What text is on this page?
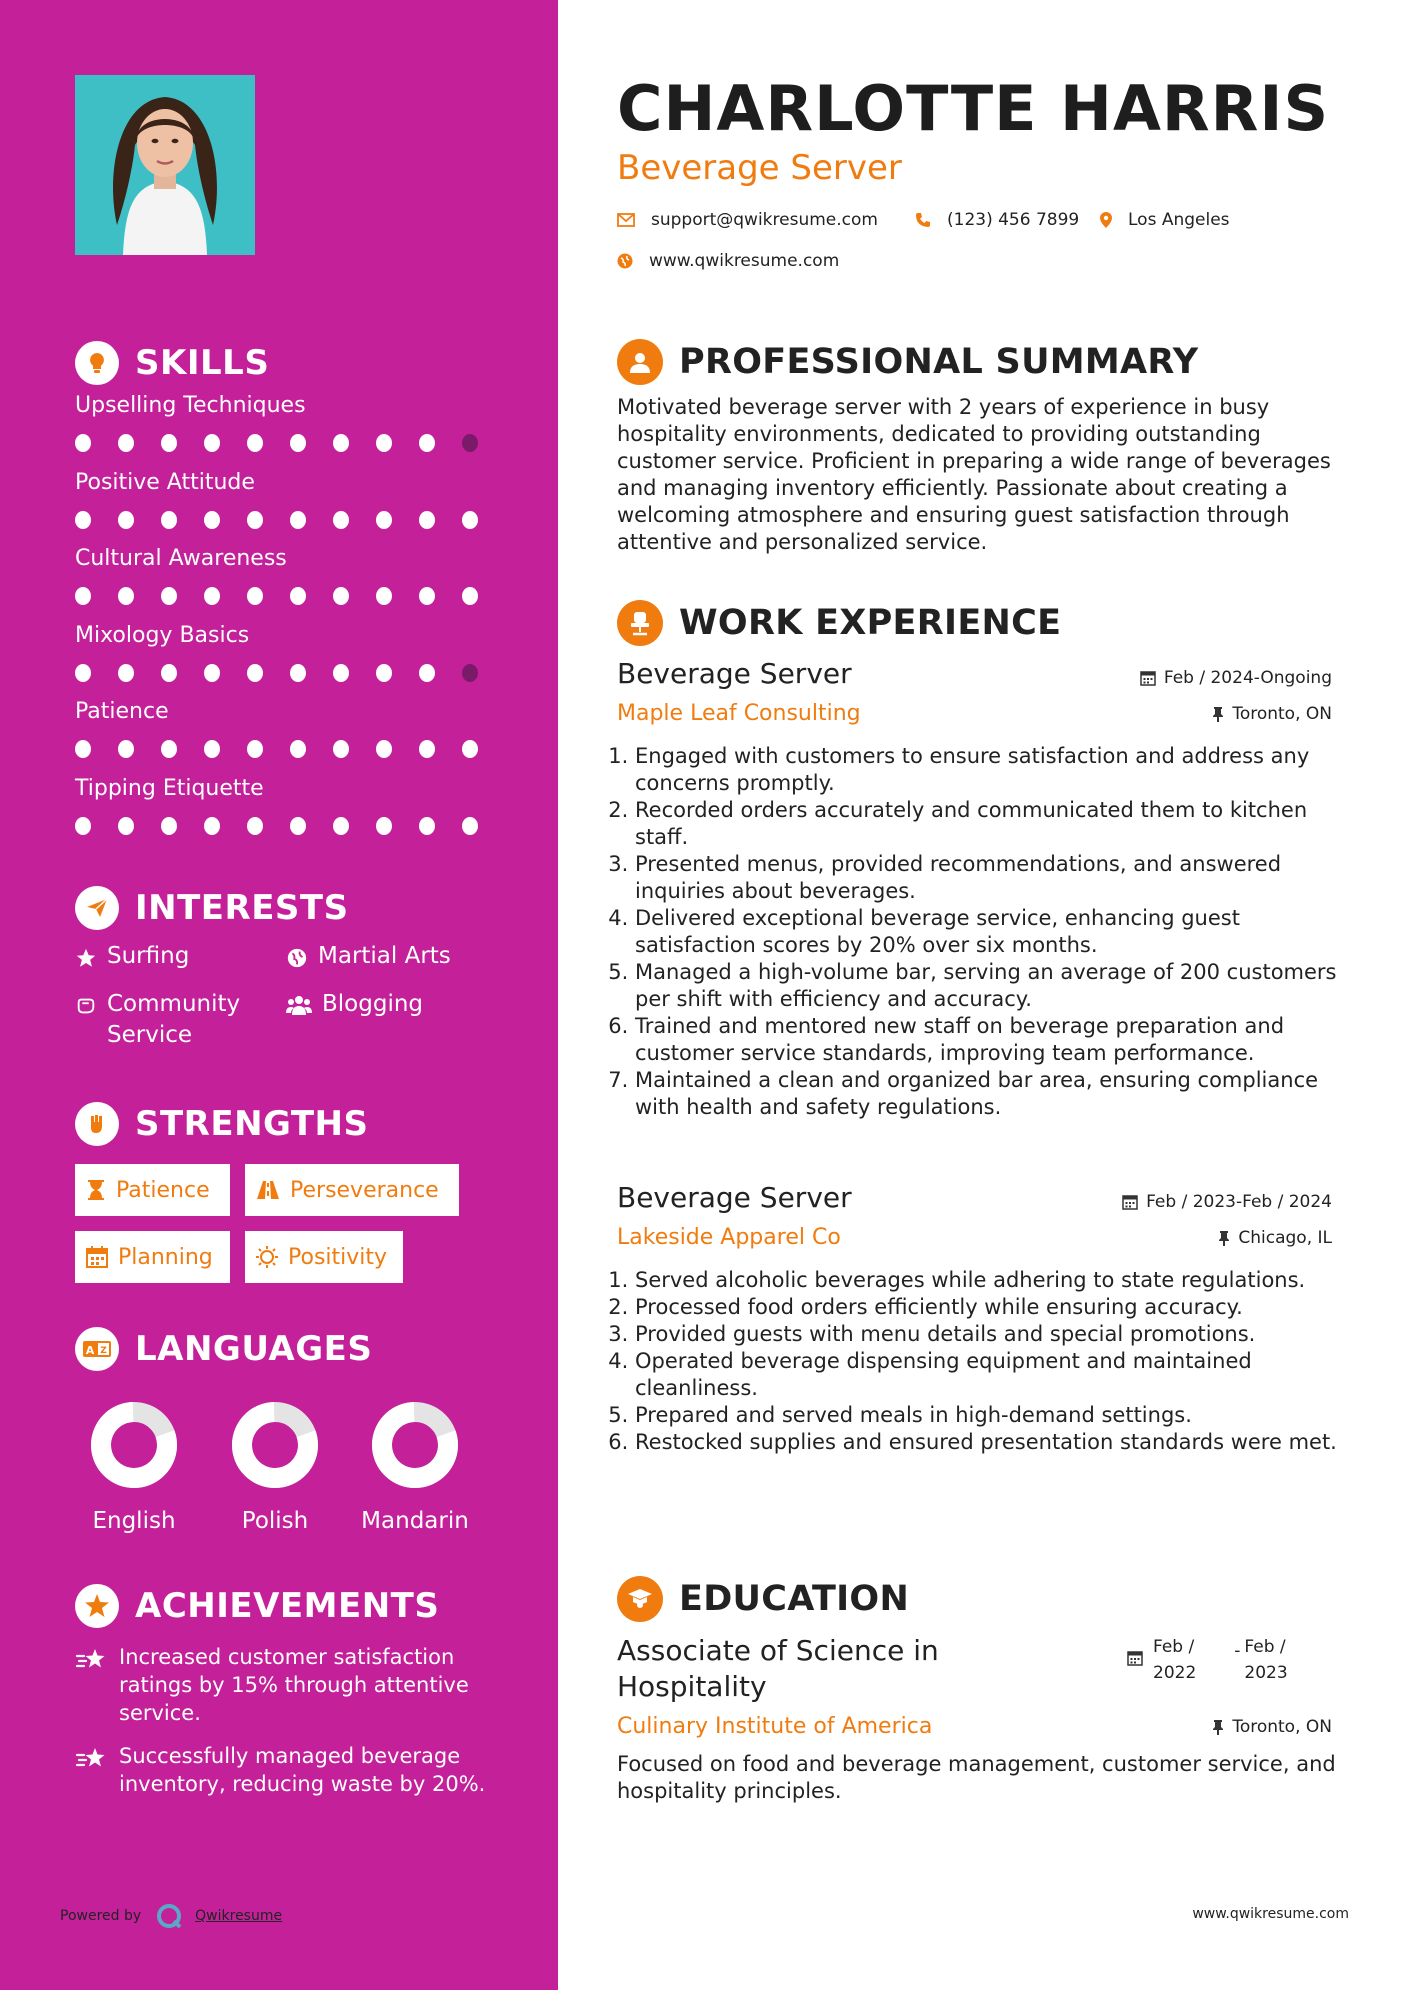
SKILLS
Upselling Techniques
Positive Attitude
Cultural Awareness
Mixology Basics
Patience
Tipping Etiquette
INTERESTS
Surfing	Martial Arts
Community Service
Blogging
STRENGTHS
Patience	Perseverance
Planning	Positivity
A Z LANGUAGES
English	Polish	Mandarin
ACHIEVEMENTS
Increased customer satisfaction ratings by 15% through attentive service.
Successfully managed beverage inventory, reducing waste by 20%.
Powered by	Qwikresume
CHARLOTTE HARRIS
Beverage Server
support@qwikresume.com	(123) 456 7899	Los Angeles
www.qwikresume.com
PROFESSIONAL SUMMARY
Motivated beverage server with 2 years of experience in busy hospitality environments, dedicated to providing outstanding customer service. Proficient in preparing a wide range of beverages and managing inventory efficiently. Passionate about creating a welcoming atmosphere and ensuring guest satisfaction through attentive and personalized service.
WORK EXPERIENCE
Beverage Server	Feb / 2024-Ongoing
Maple Leaf Consulting	Toronto, ON
1. Engaged with customers to ensure satisfaction and address any concerns promptly.
2. Recorded orders accurately and communicated them to kitchen staff.
3. Presented menus, provided recommendations, and answered inquiries about beverages.
4. Delivered exceptional beverage service, enhancing guest satisfaction scores by 20% over six months.
5. Managed a high-volume bar, serving an average of 200 customers per shift with efficiency and accuracy.
6. Trained and mentored new staff on beverage preparation and customer service standards, improving team performance.
7. Maintained a clean and organized bar area, ensuring compliance with health and safety regulations.
Beverage Server	Feb / 2023-Feb / 2024
Lakeside Apparel Co	Chicago, IL
1. Served alcoholic beverages while adhering to state regulations.
2. Processed food orders efficiently while ensuring accuracy.
3. Provided guests with menu details and special promotions.
4. Operated beverage dispensing equipment and maintained cleanliness.
5. Prepared and served meals in high-demand settings.
6. Restocked supplies and ensured presentation standards were met.
EDUCATION
Associate of Science in
Hospitality
Feb /
2022
- Feb /
2023
Culinary Institute of America	Toronto, ON
Focused on food and beverage management, customer service, and hospitality principles.
www.qwikresume.com
